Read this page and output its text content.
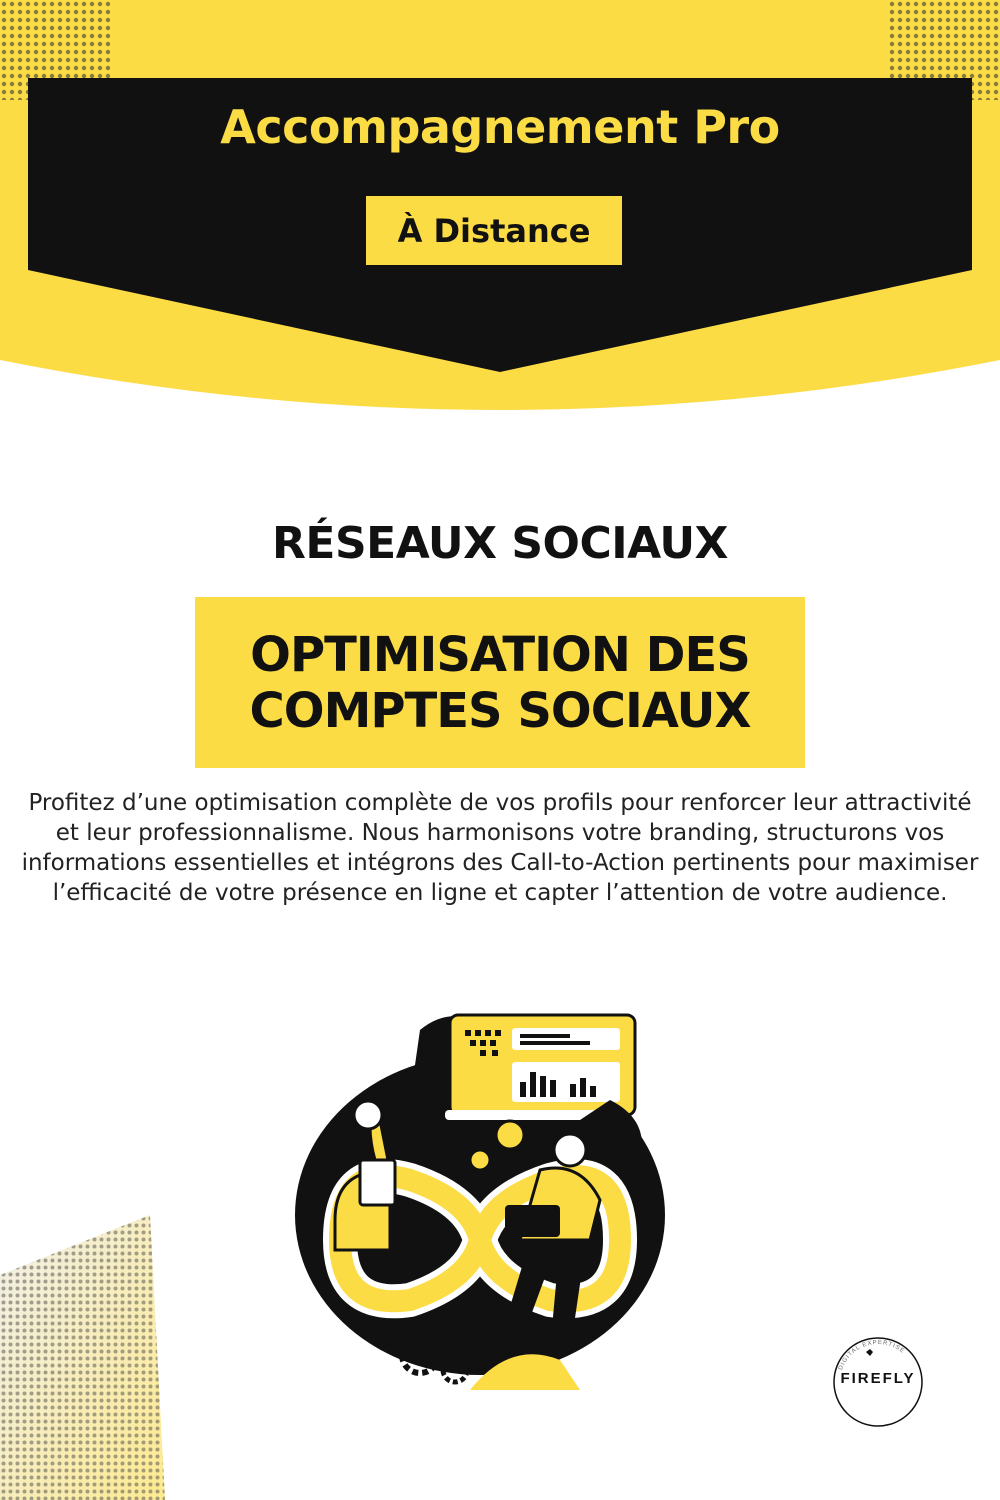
Accompagnement Pro
À Distance
RÉSEAUX SOCIAUX
OPTIMISATION DES
COMPTES SOCIAUX
Profitez d’une optimisation complète de vos profils pour renforcer leur attractivité et leur professionnalisme. Nous harmonisons votre branding, structurons vos informations essentielles et intégrons des Call-to-Action pertinents pour maximiser l’efficacité de votre présence en ligne et capter l’attention de votre audience.
DIGITAL EXPERTISE
FIREFLY
